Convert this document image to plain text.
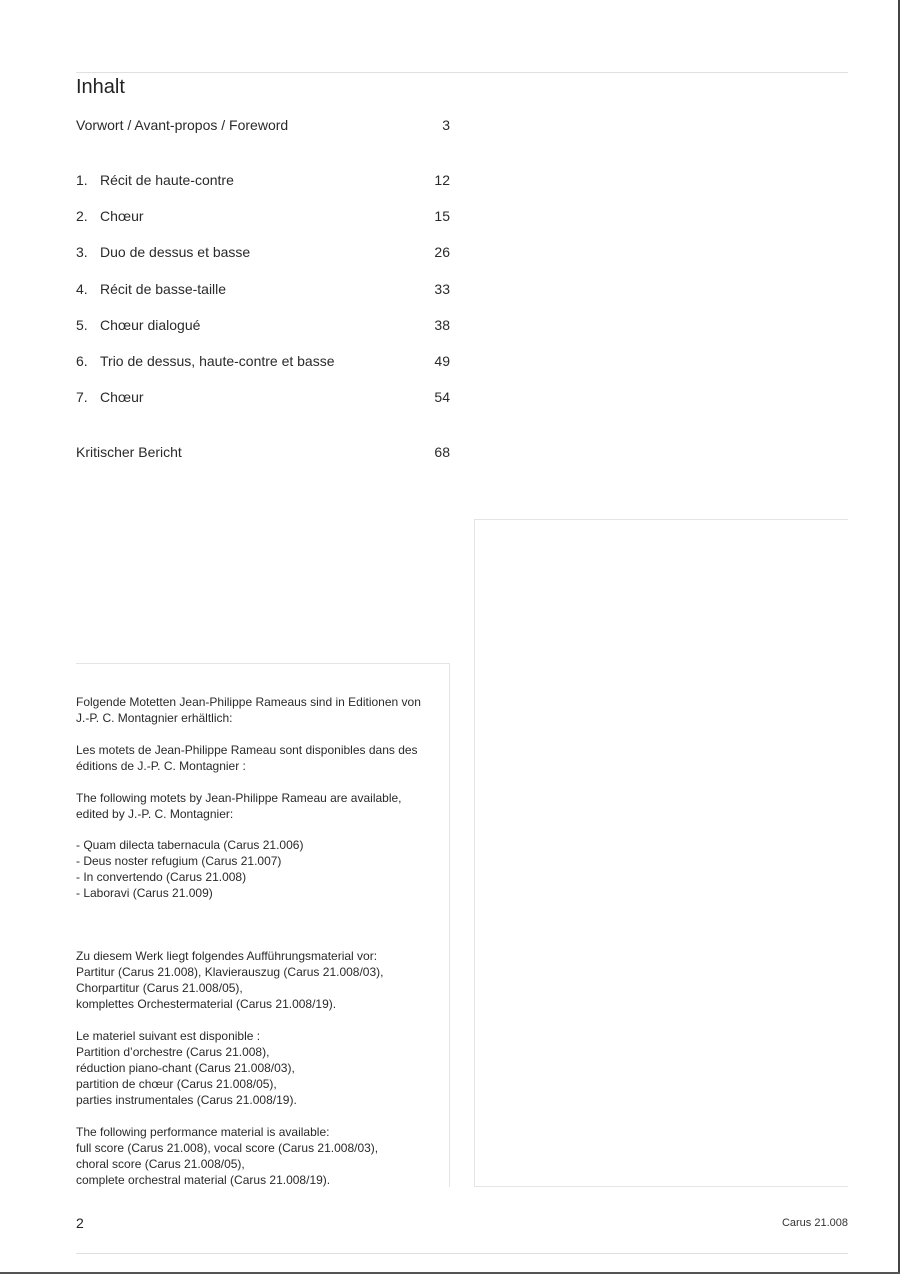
Inhalt
Vorwort / Avant-propos / Foreword	3
1. Récit de haute-contre	12
2. Chœur	15
3. Duo de dessus et basse	26
4. Récit de basse-taille	33
5. Chœur dialogué	38
6. Trio de dessus, haute-contre et basse	49
7. Chœur	54
Kritischer Bericht	68
Folgende Motetten Jean-Philippe Rameaus sind in Editionen von
J.-P. C. Montagnier erhältlich:
Les motets de Jean-Philippe Rameau sont disponibles dans des
éditions de J.-P. C. Montagnier :
The following motets by Jean-Philippe Rameau are available,
edited by J.-P. C. Montagnier:
- Quam dilecta tabernacula (Carus 21.006)
- Deus noster refugium (Carus 21.007)
- In convertendo (Carus 21.008)
- Laboravi (Carus 21.009)
Zu diesem Werk liegt folgendes Aufführungsmaterial vor:
Partitur (Carus 21.008), Klavierauszug (Carus 21.008/03),
Chorpartitur (Carus 21.008/05),
komplettes Orchestermaterial (Carus 21.008/19).
Le materiel suivant est disponible :
Partition d’orchestre (Carus 21.008),
réduction piano-chant (Carus 21.008/03),
partition de chœur (Carus 21.008/05),
parties instrumentales (Carus 21.008/19).
The following performance material is available:
full score (Carus 21.008), vocal score (Carus 21.008/03),
choral score (Carus 21.008/05),
complete orchestral material (Carus 21.008/19).
2	Carus 21.008
